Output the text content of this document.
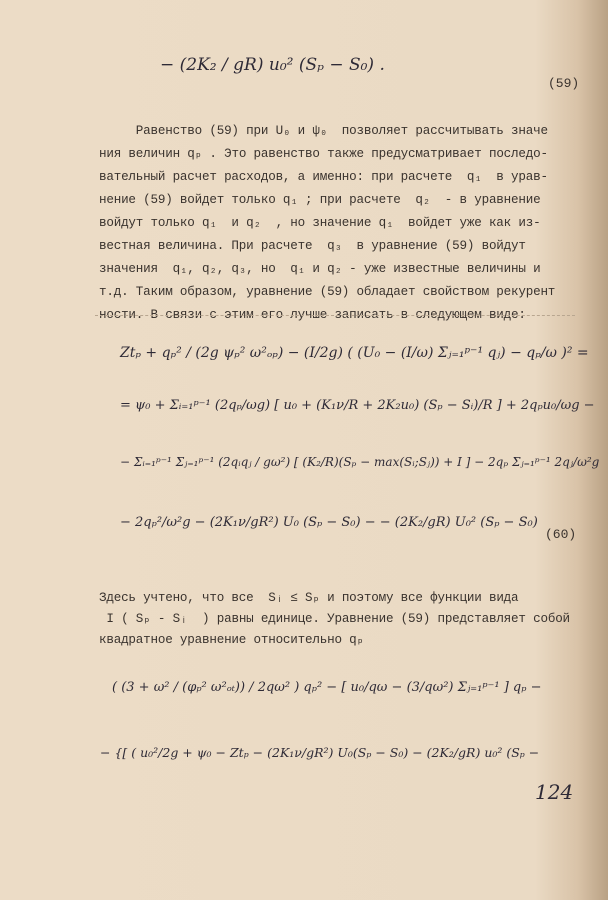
− (2K₂ / gR) u₀² (Sₚ − S₀) .
(59)

Равенство (59) при U₀ и ψ₀  позволяет рассчитывать значе
ния величин qₚ . Это равенство также предусматривает последо-
вательный расчет расходов, а именно: при расчете  q₁  в урав-
нение (59) войдет только q₁ ; при расчете  q₂  - в уравнение
войдут только q₁  и q₂  , но значение q₁  войдет уже как из-
вестная величина. При расчете  q₃  в уравнение (59) войдут
значения  q₁, q₂, q₃, но  q₁ и q₂ - уже известные величины и
т.д. Таким образом, уравнение (59) обладает свойством рекурент
ности. В связи с этим его лучше записать в следующем виде:

Ztₚ + qₚ² / (2g ψₚ² ω²ₒₚ) − (I/2g) ( (U₀ − (I/ω) Σⱼ₌₁ᵖ⁻¹ qⱼ) − qₚ/ω )² =
= ψ₀ + Σᵢ₌₁ᵖ⁻¹ (2qₚ/ωg) [ u₀ + (K₁ν/R + 2K₂u₀) (Sₚ − Sᵢ)/R ] + 2qₚu₀/ωg −
− Σᵢ₌₁ᵖ⁻¹ Σⱼ₌₁ᵖ⁻¹ (2qᵢqⱼ / gω²) [ (K₂/R)(Sₚ − max(Sᵢ;Sⱼ)) + I ] − 2qₚ Σⱼ₌₁ᵖ⁻¹ 2qⱼ/ω²g
− 2qₚ²/ω²g − (2K₁ν/gR²) U₀ (Sₚ − S₀) − − (2K₂/gR) U₀² (Sₚ − S₀)
(60)

Здесь учтено, что все  Sᵢ ≤ Sₚ и поэтому все функции вида
I ( Sₚ - Sᵢ  ) равны единице. Уравнение (59) представляет собой
квадратное уравнение относительно qₚ

( (3 + ω² / (φₚ² ω²ₒₜ)) / 2qω² ) qₚ² − [ u₀/qω − (3/qω²) Σⱼ₌₁ᵖ⁻¹ ] qₚ −
− {[ ( u₀²/2g + ψ₀ − Ztₚ − (2K₁ν/gR²) U₀(Sₚ − S₀) − (2K₂/gR) u₀² (Sₚ −
124
